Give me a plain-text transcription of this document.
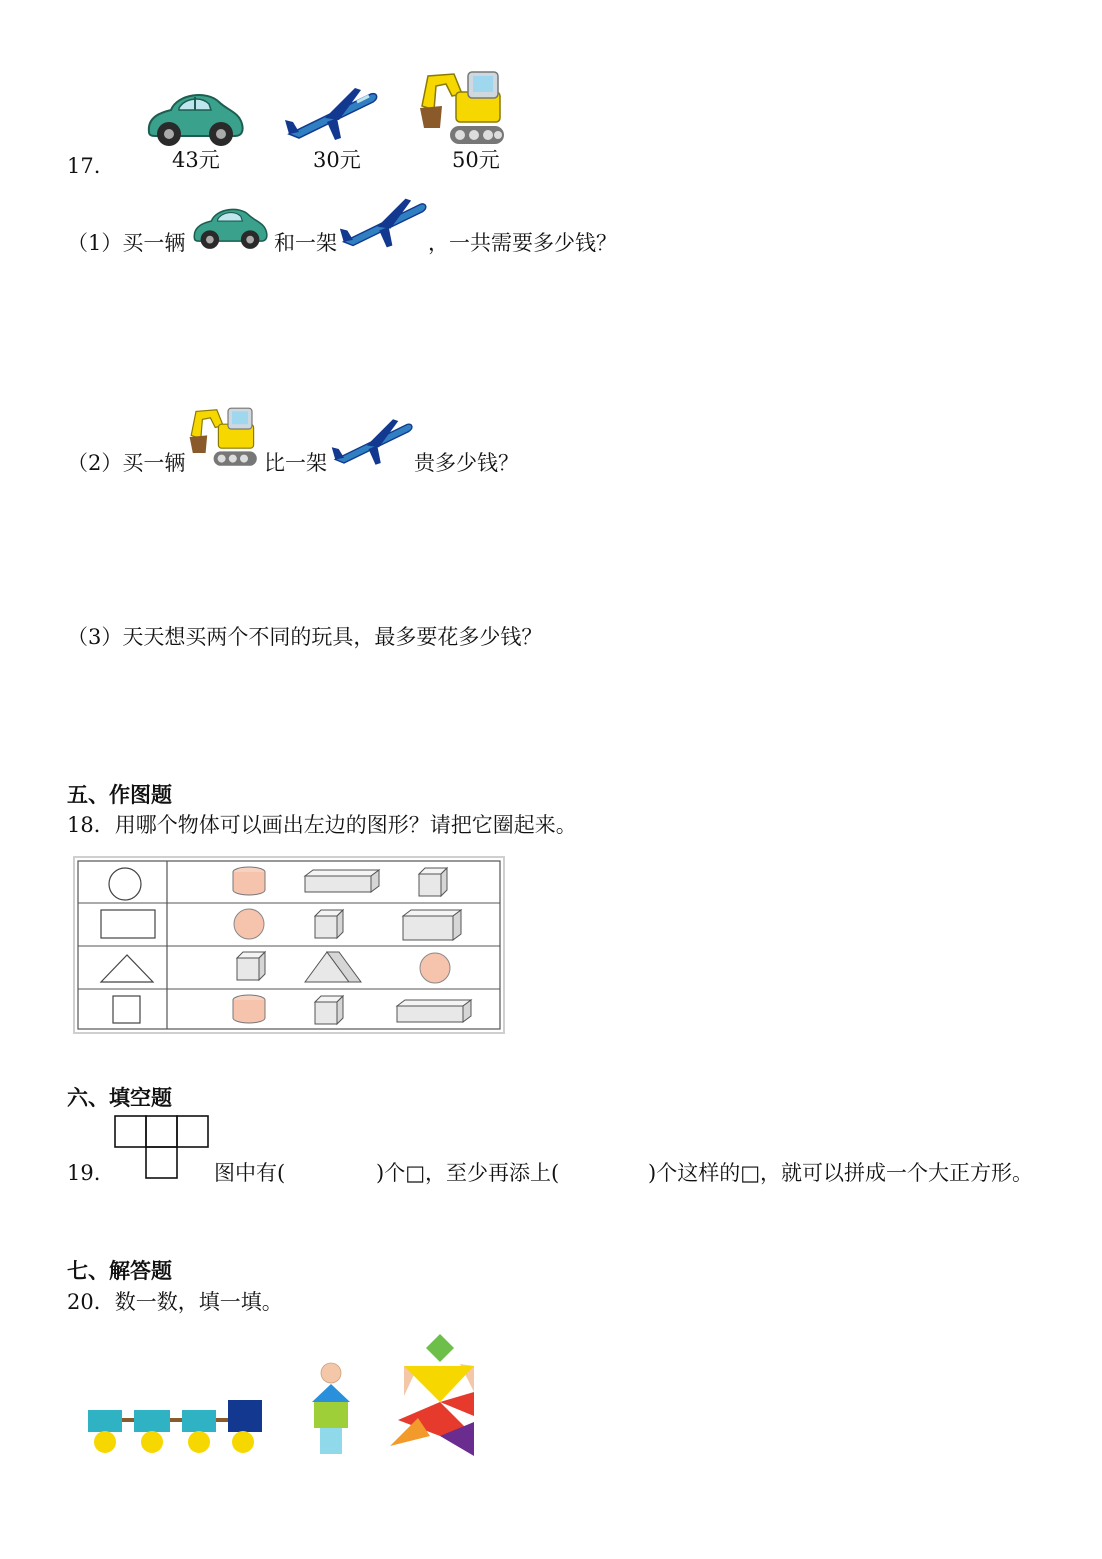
17.	43元	30元	50元
（1）买一辆	和一架	，一共需要多少钱？
（2）买一辆	比一架	贵多少钱？
（3）天天想买两个不同的玩具，最多要花多少钱？
五、作图题
18．用哪个物体可以画出左边的图形？请把它圈起来。
六、填空题
19.	图中有(	)个□，至少再添上(	)个这样的□，就可以拼成一个大正方形。
七、解答题
20．数一数，填一填。
